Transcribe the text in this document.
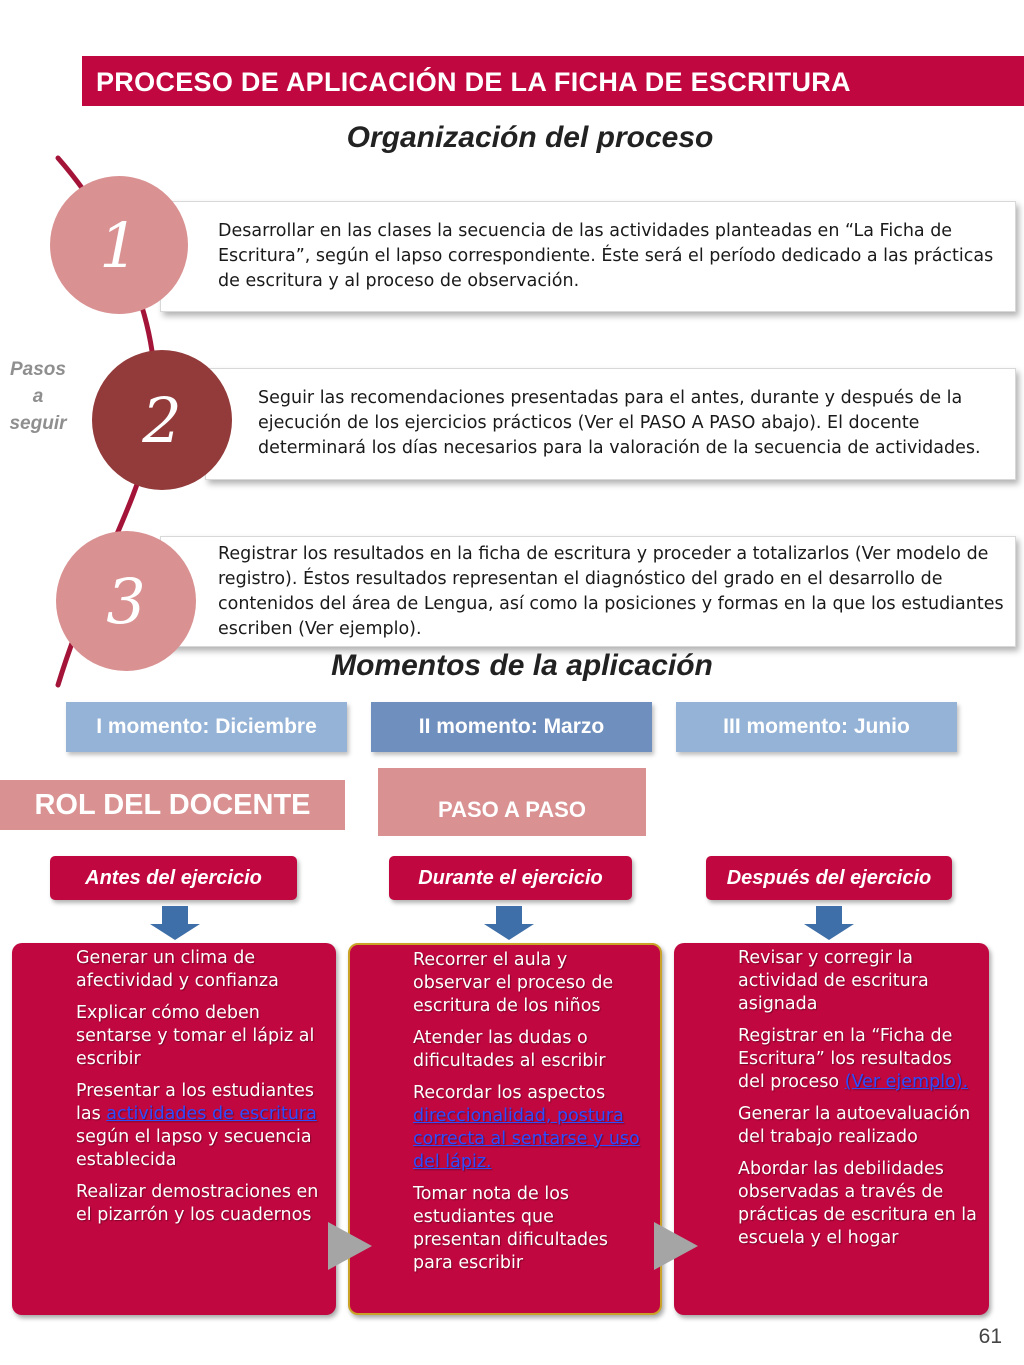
PROCESO DE APLICACIÓN DE LA FICHA DE ESCRITURA
Organización del proceso
Pasos
a
seguir
Desarrollar en las clases la secuencia de las actividades planteadas en “La Ficha de Escritura”, según el lapso correspondiente. Éste será el período dedicado a las prácticas de escritura y al proceso de observación.
1
Seguir las recomendaciones presentadas para el antes, durante y después de la ejecución de los ejercicios prácticos (Ver el PASO A PASO abajo). El docente determinará los días necesarios para la valoración de la secuencia de actividades.
2
Registrar los resultados en la ficha de escritura y proceder a totalizarlos (Ver modelo de registro). Éstos resultados representan el diagnóstico del grado en el desarrollo de contenidos del área de Lengua, así como la posiciones y formas en la que los estudiantes escriben (Ver ejemplo).
3
Momentos de la aplicación
I momento: Diciembre	II momento: Marzo	III momento: Junio
ROL DEL DOCENTE	PASO A PASO
Antes del ejercicio	Durante el ejercicio	Después del ejercicio
Generar un clima de afectividad y confianza
Explicar cómo deben sentarse y tomar el lápiz al escribir
Presentar a los estudiantes las actividades de escritura según el lapso y secuencia establecida
Realizar demostraciones en el pizarrón y los cuadernos
Recorrer el aula y observar el proceso de escritura de los niños
Atender las dudas o dificultades al escribir
Recordar los aspectos direccionalidad, postura correcta al sentarse y uso del lápiz.
Tomar nota de los estudiantes que presentan dificultades para escribir
Revisar y corregir la actividad de escritura asignada
Registrar en la “Ficha de Escritura” los resultados del proceso (Ver ejemplo).
Generar la autoevaluación del trabajo realizado
Abordar las debilidades observadas a través de prácticas de escritura en la escuela y el hogar
61
